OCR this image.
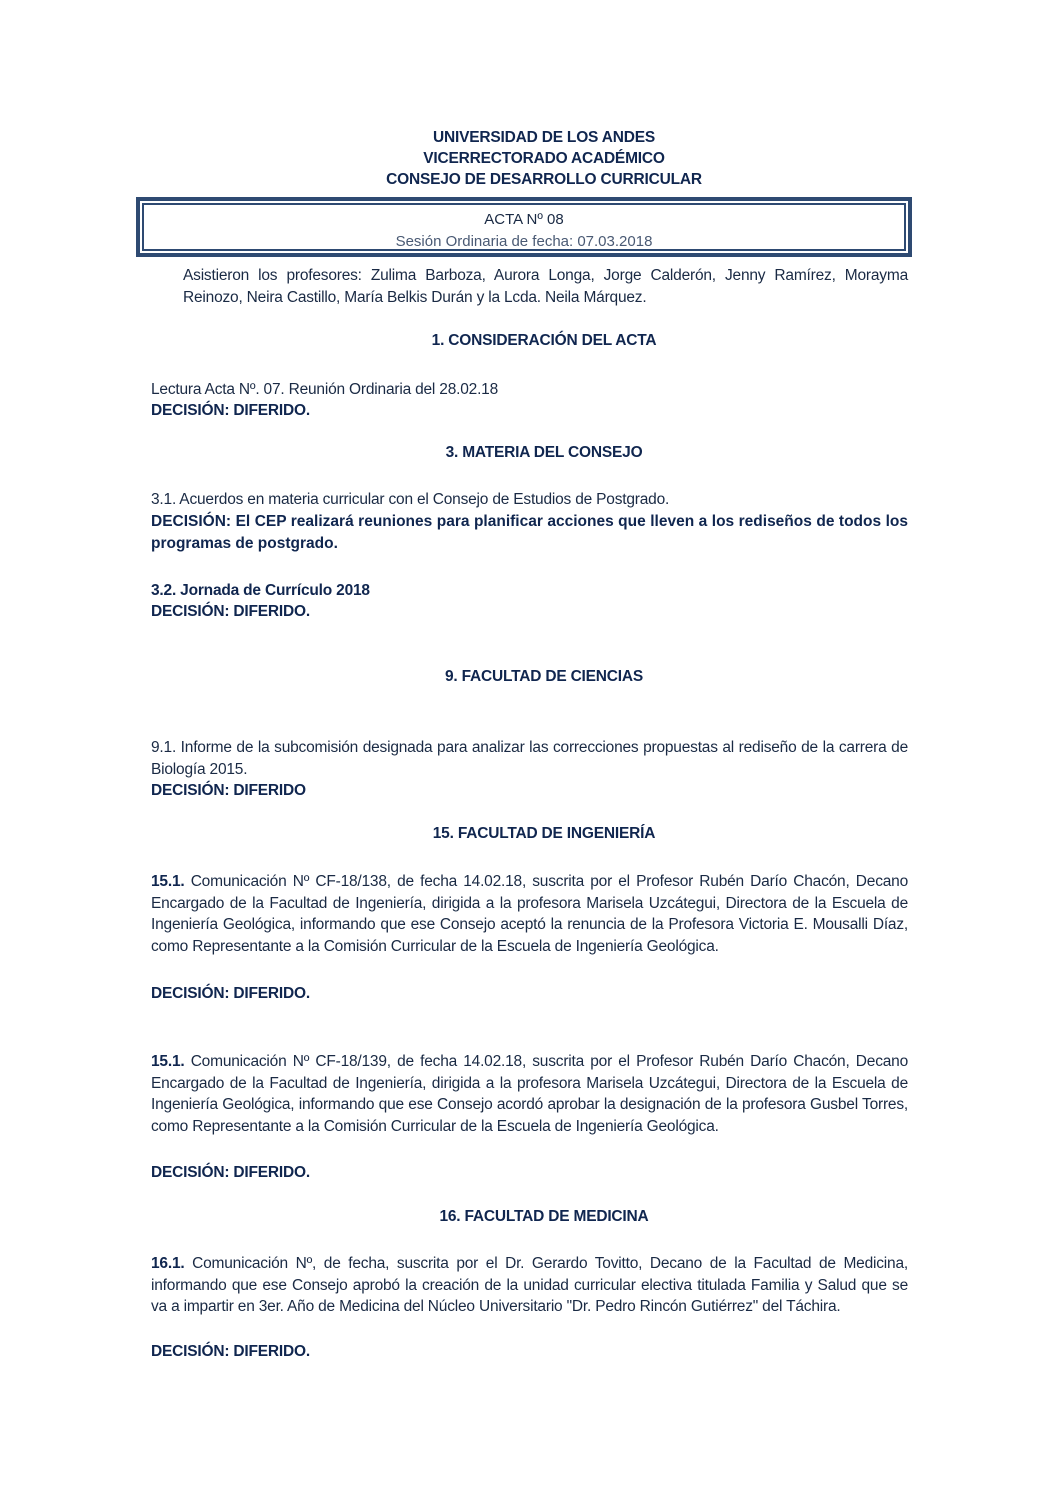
UNIVERSIDAD DE LOS ANDES
VICERRECTORADO ACADÉMICO
CONSEJO DE DESARROLLO CURRICULAR
ACTA Nº 08
Sesión Ordinaria de fecha: 07.03.2018
Asistieron los profesores: Zulima Barboza, Aurora Longa, Jorge Calderón, Jenny Ramírez, Morayma Reinozo, Neira Castillo, María Belkis Durán y la Lcda. Neila Márquez.
1. CONSIDERACIÓN DEL ACTA
Lectura Acta Nº. 07. Reunión Ordinaria del 28.02.18
DECISIÓN: DIFERIDO.
3. MATERIA DEL CONSEJO
3.1. Acuerdos en materia curricular con el Consejo de Estudios de Postgrado.
DECISIÓN: El CEP realizará reuniones para planificar acciones que lleven a los rediseños de todos los programas de postgrado.
3.2. Jornada de Currículo 2018
DECISIÓN: DIFERIDO.
9. FACULTAD DE CIENCIAS
9.1. Informe de la subcomisión designada para analizar las correcciones propuestas al rediseño de la carrera de Biología 2015.
DECISIÓN: DIFERIDO
15. FACULTAD DE INGENIERÍA
15.1. Comunicación Nº CF-18/138, de fecha 14.02.18, suscrita por el Profesor Rubén Darío Chacón, Decano Encargado de la Facultad de Ingeniería, dirigida a la profesora Marisela Uzcátegui, Directora de la Escuela de Ingeniería Geológica, informando que ese Consejo aceptó la renuncia de la Profesora Victoria E. Mousalli Díaz, como Representante a la Comisión Curricular de la Escuela de Ingeniería Geológica.
DECISIÓN: DIFERIDO.
15.1. Comunicación Nº CF-18/139, de fecha 14.02.18, suscrita por el Profesor Rubén Darío Chacón, Decano Encargado de la Facultad de Ingeniería, dirigida a la profesora Marisela Uzcátegui, Directora de la Escuela de Ingeniería Geológica, informando que ese Consejo acordó aprobar la designación de la profesora Gusbel Torres, como Representante a la Comisión Curricular de la Escuela de Ingeniería Geológica.
DECISIÓN: DIFERIDO.
16. FACULTAD DE MEDICINA
16.1. Comunicación Nº, de fecha, suscrita por el Dr. Gerardo Tovitto, Decano de la Facultad de Medicina, informando que ese Consejo aprobó la creación de la unidad curricular electiva titulada Familia y Salud que se va a impartir en 3er. Año de Medicina del Núcleo Universitario "Dr. Pedro Rincón Gutiérrez" del Táchira.
DECISIÓN: DIFERIDO.
